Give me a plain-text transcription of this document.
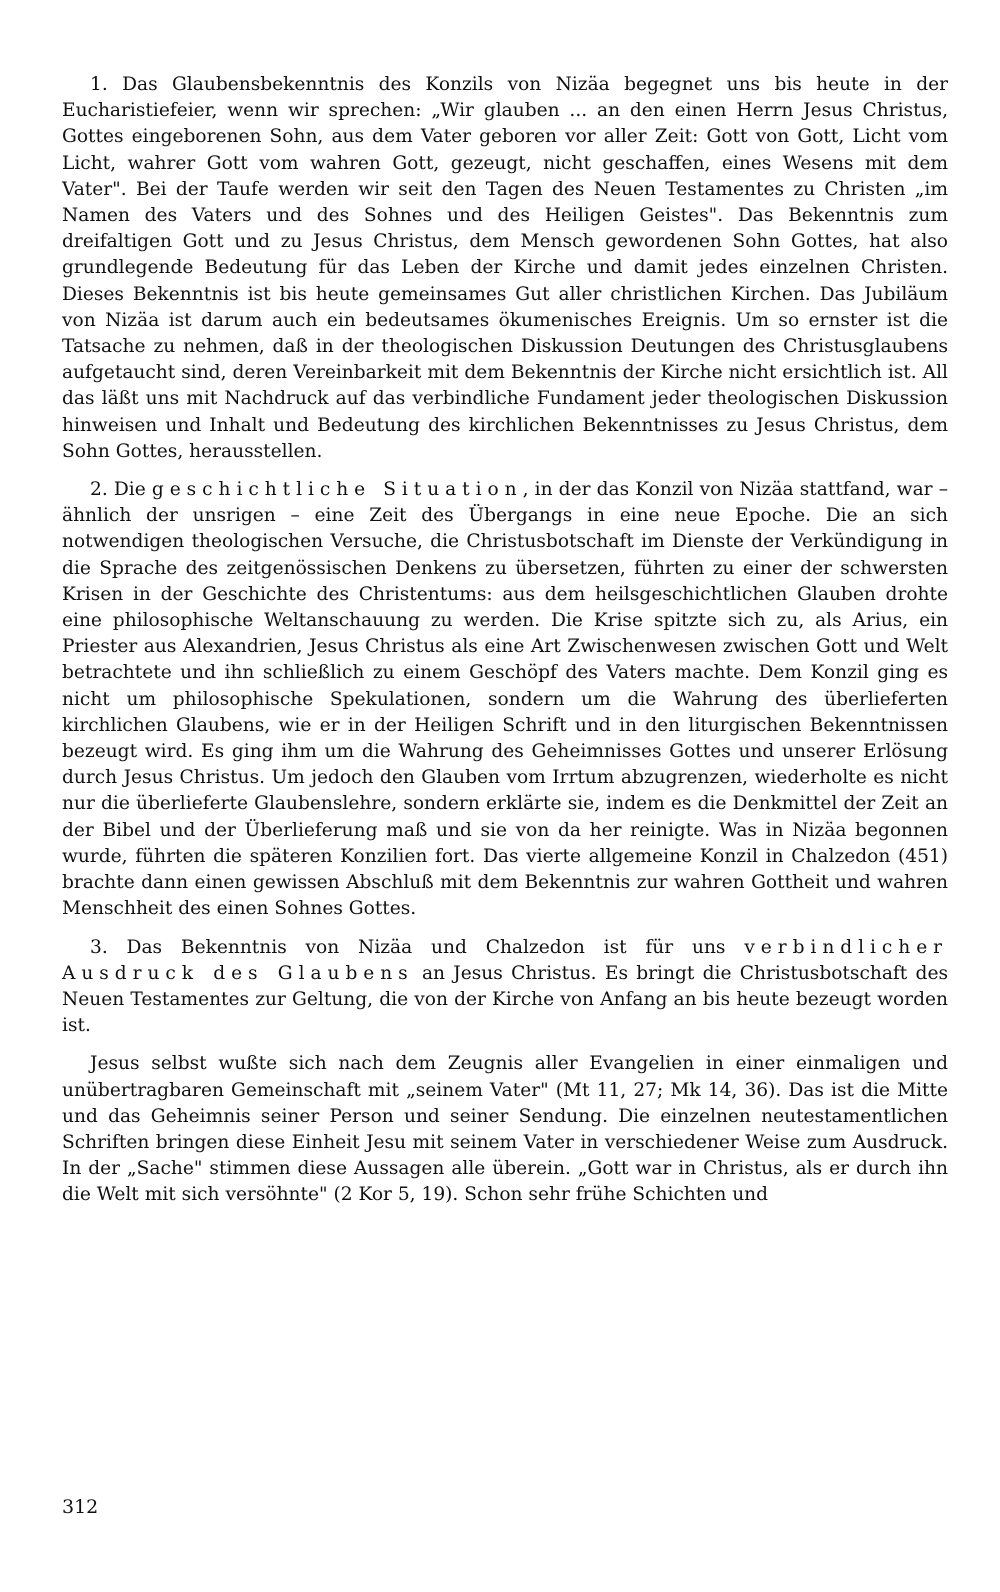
1. Das Glaubensbekenntnis des Konzils von Nizäa begegnet uns bis heute in der Eucharistiefeier, wenn wir sprechen: „Wir glauben ... an den einen Herrn Jesus Christus, Gottes eingeborenen Sohn, aus dem Vater geboren vor aller Zeit: Gott von Gott, Licht vom Licht, wahrer Gott vom wahren Gott, gezeugt, nicht geschaffen, eines Wesens mit dem Vater". Bei der Taufe werden wir seit den Tagen des Neuen Testamentes zu Christen „im Namen des Vaters und des Sohnes und des Heiligen Geistes". Das Bekenntnis zum dreifaltigen Gott und zu Jesus Christus, dem Mensch gewordenen Sohn Gottes, hat also grundlegende Bedeutung für das Leben der Kirche und damit jedes einzelnen Christen. Dieses Bekenntnis ist bis heute gemeinsames Gut aller christlichen Kirchen. Das Jubiläum von Nizäa ist darum auch ein bedeutsames ökumenisches Ereignis. Um so ernster ist die Tatsache zu nehmen, daß in der theologischen Diskussion Deutungen des Christusglaubens aufgetaucht sind, deren Vereinbarkeit mit dem Bekenntnis der Kirche nicht ersichtlich ist. All das läßt uns mit Nachdruck auf das verbindliche Fundament jeder theologischen Diskussion hinweisen und Inhalt und Bedeutung des kirchlichen Bekenntnisses zu Jesus Christus, dem Sohn Gottes, herausstellen.

2. Die geschichtliche Situation, in der das Konzil von Nizäa stattfand, war – ähnlich der unsrigen – eine Zeit des Übergangs in eine neue Epoche. Die an sich notwendigen theologischen Versuche, die Christusbotschaft im Dienste der Verkündigung in die Sprache des zeitgenössischen Denkens zu übersetzen, führten zu einer der schwersten Krisen in der Geschichte des Christentums: aus dem heilsgeschichtlichen Glauben drohte eine philosophische Weltanschauung zu werden. Die Krise spitzte sich zu, als Arius, ein Priester aus Alexandrien, Jesus Christus als eine Art Zwischenwesen zwischen Gott und Welt betrachtete und ihn schließlich zu einem Geschöpf des Vaters machte. Dem Konzil ging es nicht um philosophische Spekulationen, sondern um die Wahrung des überlieferten kirchlichen Glaubens, wie er in der Heiligen Schrift und in den liturgischen Bekenntnissen bezeugt wird. Es ging ihm um die Wahrung des Geheimnisses Gottes und unserer Erlösung durch Jesus Christus. Um jedoch den Glauben vom Irrtum abzugrenzen, wiederholte es nicht nur die überlieferte Glaubenslehre, sondern erklärte sie, indem es die Denkmittel der Zeit an der Bibel und der Überlieferung maß und sie von da her reinigte. Was in Nizäa begonnen wurde, führten die späteren Konzilien fort. Das vierte allgemeine Konzil in Chalzedon (451) brachte dann einen gewissen Abschluß mit dem Bekenntnis zur wahren Gottheit und wahren Menschheit des einen Sohnes Gottes.

3. Das Bekenntnis von Nizäa und Chalzedon ist für uns verbindlicher Ausdruck des Glaubens an Jesus Christus. Es bringt die Christusbotschaft des Neuen Testamentes zur Geltung, die von der Kirche von Anfang an bis heute bezeugt worden ist.

Jesus selbst wußte sich nach dem Zeugnis aller Evangelien in einer einmaligen und unübertragbaren Gemeinschaft mit „seinem Vater" (Mt 11, 27; Mk 14, 36). Das ist die Mitte und das Geheimnis seiner Person und seiner Sendung. Die einzelnen neutestamentlichen Schriften bringen diese Einheit Jesu mit seinem Vater in verschiedener Weise zum Ausdruck. In der „Sache" stimmen diese Aussagen alle überein. „Gott war in Christus, als er durch ihn die Welt mit sich versöhnte" (2 Kor 5, 19). Schon sehr frühe Schichten und

312
